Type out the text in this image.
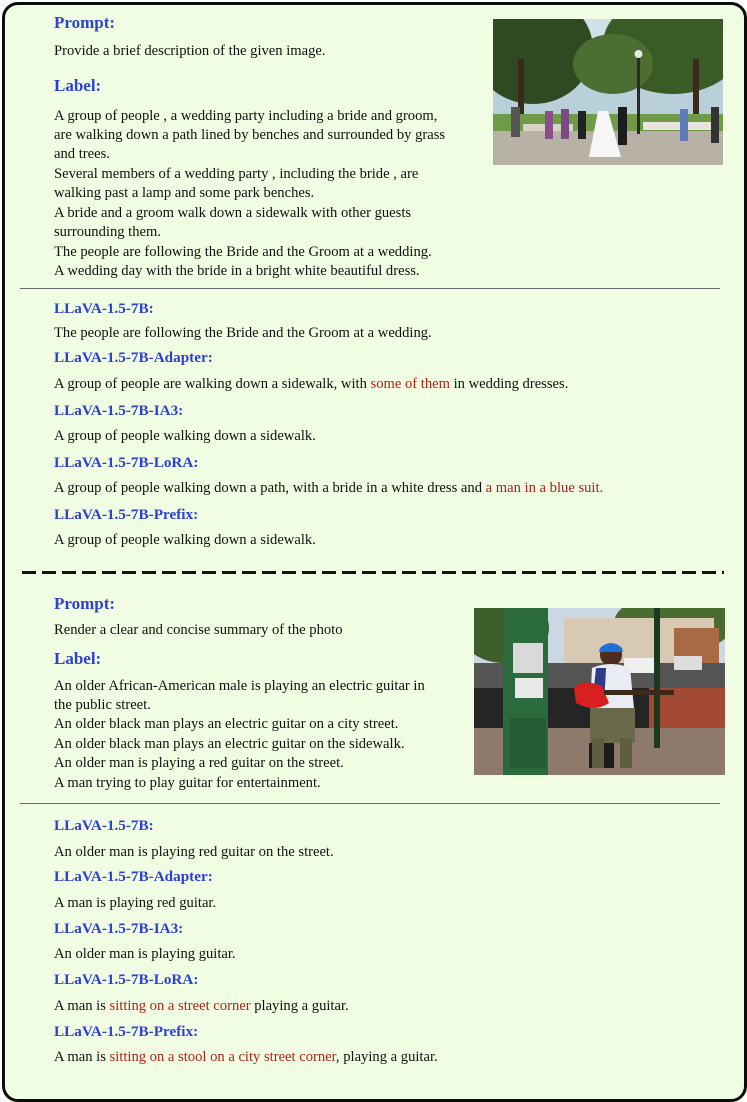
Prompt:
Provide a brief description of the given image.
Label:
A group of people , a wedding party including a bride and groom,
are walking down a path lined by benches and surrounded by grass
and trees.
Several members of a wedding party , including the bride , are
walking past a lamp and some park benches.
A bride and a groom walk down a sidewalk with other guests
surrounding them.
The people are following the Bride and the Groom at a wedding.
A wedding day with the bride in a bright white beautiful dress.
LLaVA-1.5-7B:
The people are following the Bride and the Groom at a wedding.
LLaVA-1.5-7B-Adapter:
A group of people are walking down a sidewalk, with some of them in wedding dresses.
LLaVA-1.5-7B-IA3:
A group of people walking down a sidewalk.
LLaVA-1.5-7B-LoRA:
A group of people walking down a path, with a bride in a white dress and a man in a blue suit.
LLaVA-1.5-7B-Prefix:
A group of people walking down a sidewalk.
Prompt:
Render a clear and concise summary of the photo
Label:
An older African-American male is playing an electric guitar in
the public street.
An older black man plays an electric guitar on a city street.
An older black man plays an electric guitar on the sidewalk.
An older man is playing a red guitar on the street.
A man trying to play guitar for entertainment.
LLaVA-1.5-7B:
An older man is playing red guitar on the street.
LLaVA-1.5-7B-Adapter:
A man is playing red guitar.
LLaVA-1.5-7B-IA3:
An older man is playing guitar.
LLaVA-1.5-7B-LoRA:
A man is sitting on a street corner playing a guitar.
LLaVA-1.5-7B-Prefix:
A man is sitting on a stool on a city street corner, playing a guitar.
